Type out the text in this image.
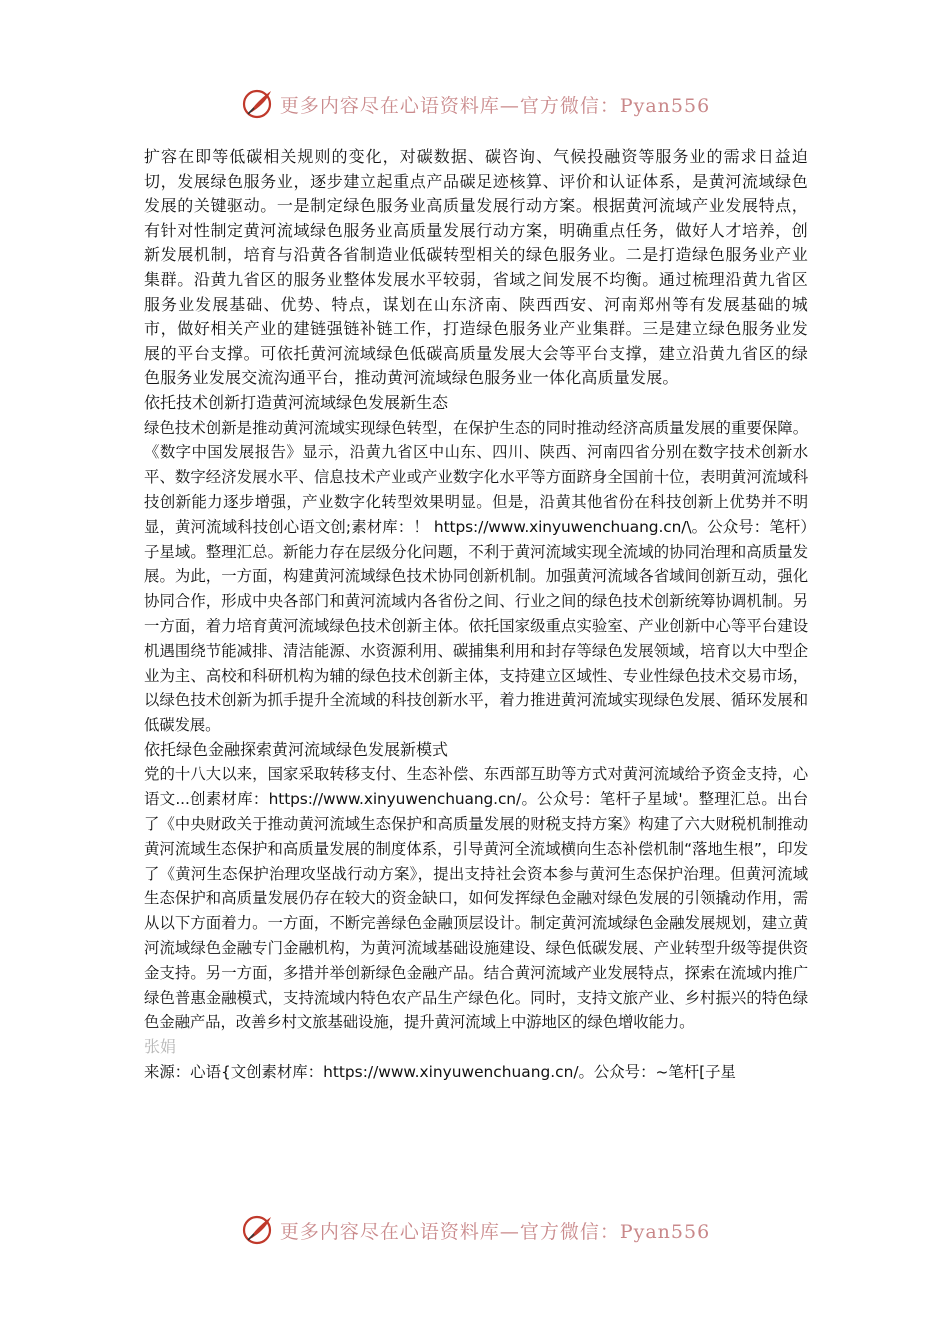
更多内容尽在心语资料库—官方微信：Pyan556

扩容在即等低碳相关规则的变化，对碳数据、碳咨询、气候投融资等服务业的需求日益迫切，发展绿色服务业，逐步建立起重点产品碳足迹核算、评价和认证体系，是黄河流域绿色发展的关键驱动。一是制定绿色服务业高质量发展行动方案。根据黄河流域产业发展特点，有针对性制定黄河流域绿色服务业高质量发展行动方案，明确重点任务，做好人才培养，创新发展机制，培育与沿黄各省制造业低碳转型相关的绿色服务业。二是打造绿色服务业产业集群。沿黄九省区的服务业整体发展水平较弱，省域之间发展不均衡。通过梳理沿黄九省区服务业发展基础、优势、特点，谋划在山东济南、陕西西安、河南郑州等有发展基础的城市，做好相关产业的建链强链补链工作，打造绿色服务业产业集群。三是建立绿色服务业发展的平台支撑。可依托黄河流域绿色低碳高质量发展大会等平台支撑，建立沿黄九省区的绿色服务业发展交流沟通平台，推动黄河流域绿色服务业一体化高质量发展。

依托技术创新打造黄河流域绿色发展新生态

绿色技术创新是推动黄河流域实现绿色转型，在保护生态的同时推动经济高质量发展的重要保障。《数字中国发展报告》显示，沿黄九省区中山东、四川、陕西、河南四省分别在数字技术创新水平、数字经济发展水平、信息技术产业或产业数字化水平等方面跻身全国前十位，表明黄河流域科技创新能力逐步增强，产业数字化转型效果明显。但是，沿黄其他省份在科技创新上优势并不明显，黄河流域科技创心语文创;素材库：！ https://www.xinyuwenchuang.cn/\。公众号：笔杆）子星域。整理汇总。新能力存在层级分化问题，不利于黄河流域实现全流域的协同治理和高质量发展。为此，一方面，构建黄河流域绿色技术协同创新机制。加强黄河流域各省域间创新互动，强化协同合作，形成中央各部门和黄河流域内各省份之间、行业之间的绿色技术创新统筹协调机制。另一方面，着力培育黄河流域绿色技术创新主体。依托国家级重点实验室、产业创新中心等平台建设机遇围绕节能减排、清洁能源、水资源利用、碳捕集利用和封存等绿色发展领域，培育以大中型企业为主、高校和科研机构为辅的绿色技术创新主体，支持建立区域性、专业性绿色技术交易市场，以绿色技术创新为抓手提升全流域的科技创新水平，着力推进黄河流域实现绿色发展、循环发展和低碳发展。

依托绿色金融探索黄河流域绿色发展新模式

党的十八大以来，国家采取转移支付、生态补偿、东西部互助等方式对黄河流域给予资金支持，心语文...创素材库：https://www.xinyuwenchuang.cn/。公众号：笔杆子星域'。整理汇总。出台了《中央财政关于推动黄河流域生态保护和高质量发展的财税支持方案》构建了六大财税机制推动黄河流域生态保护和高质量发展的制度体系，引导黄河全流域横向生态补偿机制“落地生根”，印发了《黄河生态保护治理攻坚战行动方案》，提出支持社会资本参与黄河生态保护治理。但黄河流域生态保护和高质量发展仍存在较大的资金缺口，如何发挥绿色金融对绿色发展的引领撬动作用，需从以下方面着力。一方面，不断完善绿色金融顶层设计。制定黄河流域绿色金融发展规划，建立黄河流域绿色金融专门金融机构，为黄河流域基础设施建设、绿色低碳发展、产业转型升级等提供资金支持。另一方面，多措并举创新绿色金融产品。结合黄河流域产业发展特点，探索在流域内推广绿色普惠金融模式，支持流域内特色农产品生产绿色化。同时，支持文旅产业、乡村振兴的特色绿色金融产品，改善乡村文旅基础设施，提升黄河流域上中游地区的绿色增收能力。

张娟
来源：心语{文创素材库：https://www.xinyuwenchuang.cn/。公众号：~笔杆[子星
更多内容尽在心语资料库—官方微信：Pyan556
